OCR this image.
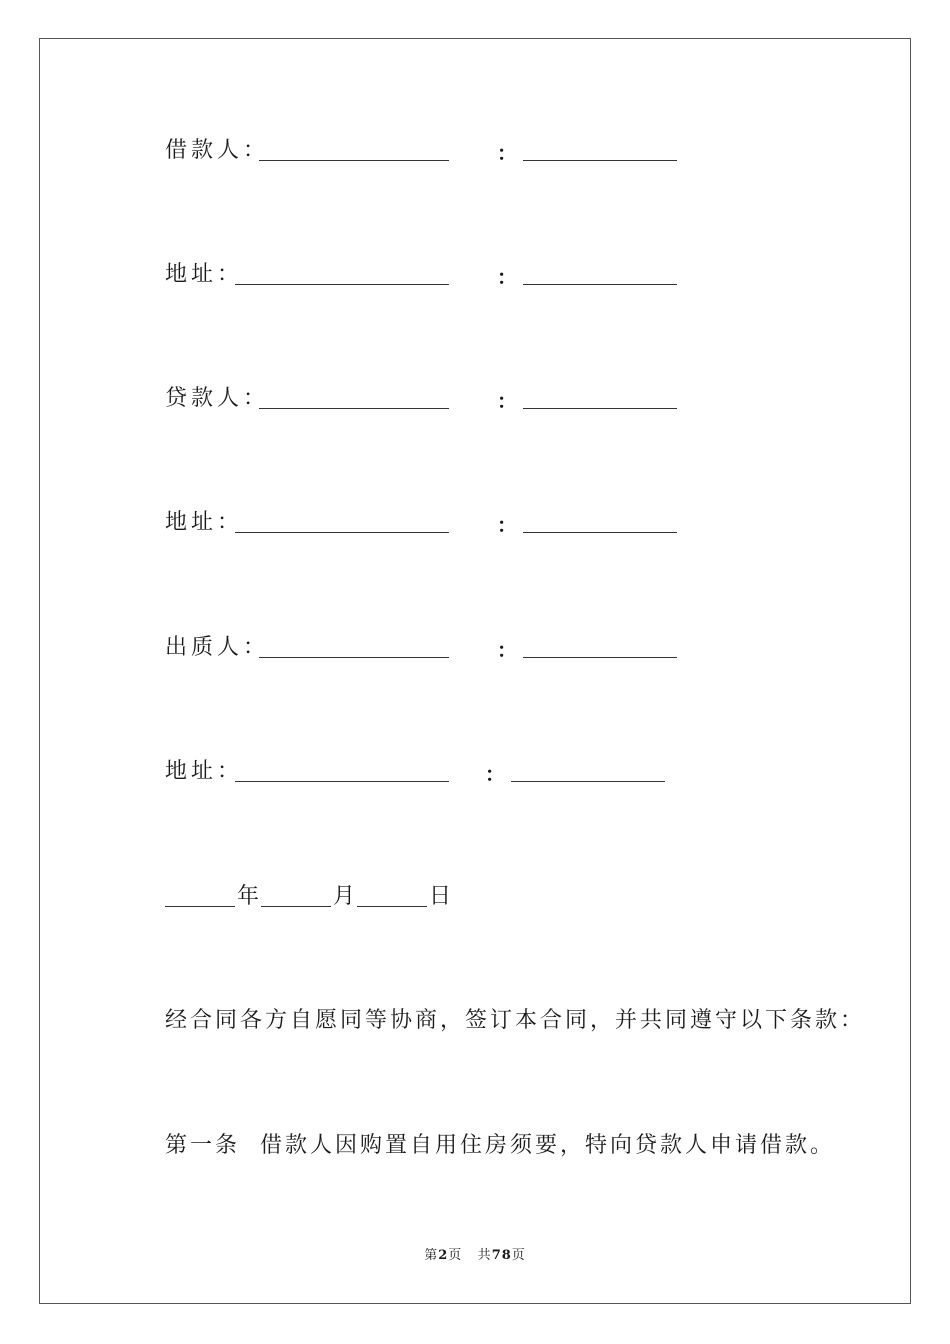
借款人：	：
地址：	：
贷款人：	：
地址：	：
出质人：	：
地址：	：
年	月	日
经合同各方自愿同等协商，签订本合同，并共同遵守以下条款：
第一条  借款人因购置自用住房须要，特向贷款人申请借款。
第2页 共78页
